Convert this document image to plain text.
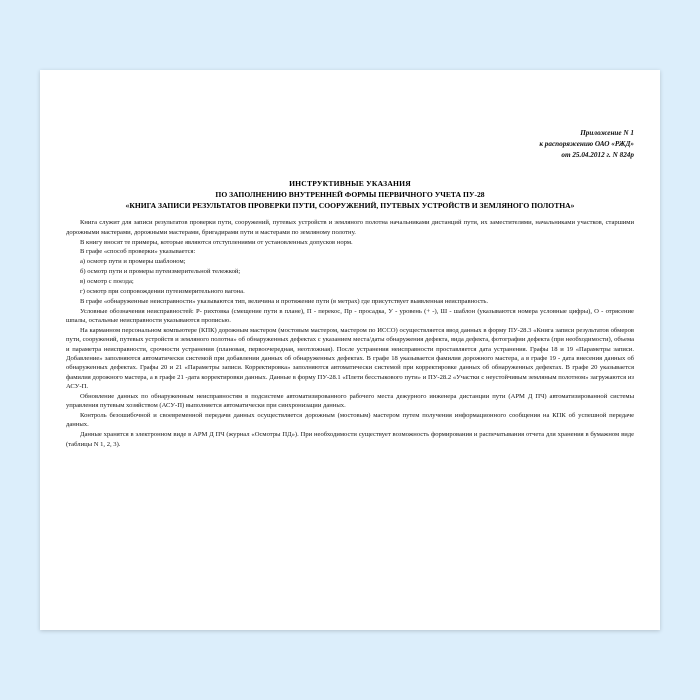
Приложение N 1
к распоряжению ОАО «РЖД»
от 25.04.2012 г. N 824р
ИНСТРУКТИВНЫЕ УКАЗАНИЯ
ПО ЗАПОЛНЕНИЮ ВНУТРЕННЕЙ ФОРМЫ ПЕРВИЧНОГО УЧЕТА ПУ-28
«КНИГА ЗАПИСИ РЕЗУЛЬТАТОВ ПРОВЕРКИ ПУТИ, СООРУЖЕНИЙ, ПУТЕВЫХ УСТРОЙСТВ И ЗЕМЛЯНОГО ПОЛОТНА»

Книга служит для записи результатов проверки пути, сооружений, путевых устройств и земляного полотна начальниками дистанций пути, их заместителями, начальниками участков, старшими дорожными мастерами, дорожными мастерами, бригадирами пути и мастерами по земляному полотну.

В книгу вносят те примеры, которые являются отступлениями от установленных допусков норм.

В графе «способ проверки» указывается:

а) осмотр пути и промеры шаблоном;

б) осмотр пути и промеры путеизмерительной тележкой;

в) осмотр с поезда;

г) осмотр при сопровождении путеизмерительного вагона.

В графе «обнаруженные неисправности» указываются тип, величина и протяжение пути (в метрах) где присутствует выявленная неисправность.

Условные обозначения неисправностей: Р- рихтовка (смещение пути в плане), П - перекос, Пр - просадка, У - уровень (+ -), Ш - шаблон (указываются номера условные цифры), О - отрясение шпалы, остальные неисправности указываются прописью.

На карманном персональном компьютере (КПК) дорожным мастером (мостовым мастером, мастером по ИССО) осуществляется ввод данных в форму ПУ-28.3 «Книга записи результатов обмеров пути, сооружений, путевых устройств и земляного полотна» об обнаруженных дефектах с указанием места/даты обнаружения дефекта, вида дефекта, фотографии дефекта (при необходимости), объема и параметра неисправности, срочности устранения (плановая, первоочередная, неотложная). После устранения неисправности проставляется дата устранения. Графы 18 и 19 «Параметры записи. Добавление» заполняются автоматически системой при добавлении данных об обнаруженных дефектах. В графе 18 указывается фамилия дорожного мастера, а в графе 19 - дата внесения данных об обнаруженных дефектах. Графы 20 и 21 «Параметры записи. Корректировка» заполняются автоматически системой при корректировке данных об обнаруженных дефектах. В графе 20 указывается фамилия дорожного мастера, а в графе 21 -дата корректировки данных. Данные в форму ПУ-28.1 «Плети бесстыкового пути» и ПУ-28.2 «Участки с неустойчивым земляным полотном» загружаются из АСУ-П.

Обновление данных по обнаруженным неисправностям в подсистеме автоматизированного рабочего места дежурного инженера дистанции пути (АРМ Д ПЧ) автоматизированной системы управления путевым хозяйством (АСУ-П) выполняется автоматически при синхронизации данных.

Контроль безошибочной и своевременной передачи данных осуществляется дорожным (мостовым) мастером путем получения информационного сообщения на КПК об успешной передаче данных.

Данные хранятся в электронном виде в АРМ Д ПЧ (журнал «Осмотры ПД»). При необходимости существует возможность формирования и распечатывания отчета для хранения в бумажном виде (таблицы N 1, 2, 3).
